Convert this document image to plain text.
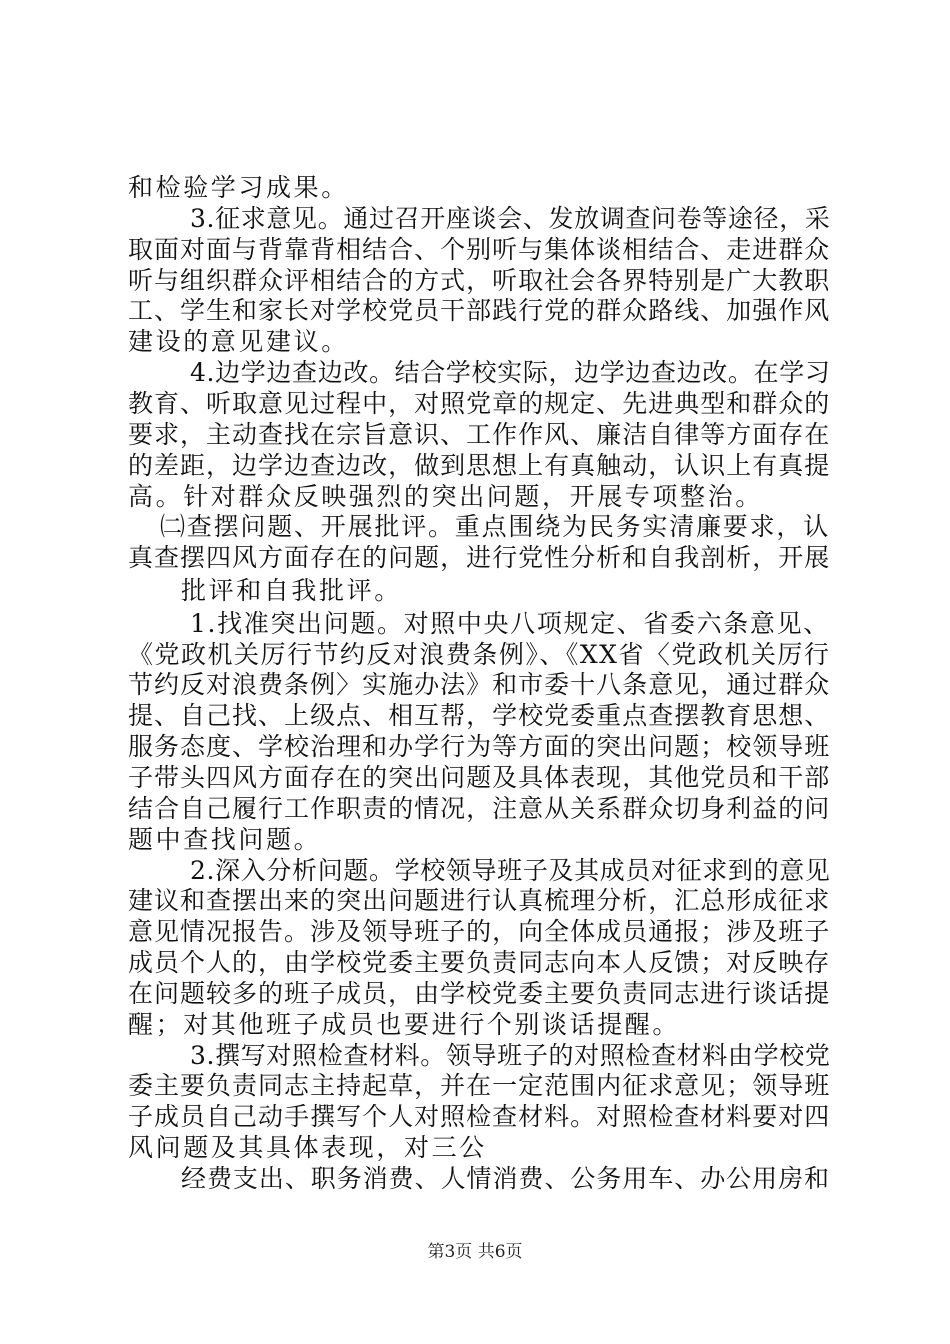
和检验学习成果。
3.征求意见。通过召开座谈会、发放调查问卷等途径，采
取面对面与背靠背相结合、个别听与集体谈相结合、走进群众
听与组织群众评相结合的方式，听取社会各界特别是广大教职
工、学生和家长对学校党员干部践行党的群众路线、加强作风
建设的意见建议。
4.边学边查边改。结合学校实际，边学边查边改。在学习
教育、听取意见过程中，对照党章的规定、先进典型和群众的
要求，主动查找在宗旨意识、工作作风、廉洁自律等方面存在
的差距，边学边查边改，做到思想上有真触动，认识上有真提
高。针对群众反映强烈的突出问题，开展专项整治。
㈡查摆问题、开展批评。重点围绕为民务实清廉要求，认
真查摆四风方面存在的问题，进行党性分析和自我剖析，开展
批评和自我批评。
1.找准突出问题。对照中央八项规定、省委六条意见、
《党政机关厉行节约反对浪费条例》、《XX省〈党政机关厉行
节约反对浪费条例〉实施办法》和市委十八条意见，通过群众
提、自己找、上级点、相互帮，学校党委重点查摆教育思想、
服务态度、学校治理和办学行为等方面的突出问题；校领导班
子带头四风方面存在的突出问题及具体表现，其他党员和干部
结合自己履行工作职责的情况，注意从关系群众切身利益的问
题中查找问题。
2.深入分析问题。学校领导班子及其成员对征求到的意见
建议和查摆出来的突出问题进行认真梳理分析，汇总形成征求
意见情况报告。涉及领导班子的，向全体成员通报；涉及班子
成员个人的，由学校党委主要负责同志向本人反馈；对反映存
在问题较多的班子成员，由学校党委主要负责同志进行谈话提
醒；对其他班子成员也要进行个别谈话提醒。
3.撰写对照检查材料。领导班子的对照检查材料由学校党
委主要负责同志主持起草，并在一定范围内征求意见；领导班
子成员自己动手撰写个人对照检查材料。对照检查材料要对四
风问题及其具体表现，对三公
经费支出、职务消费、人情消费、公务用车、办公用房和
第3页 共6页
